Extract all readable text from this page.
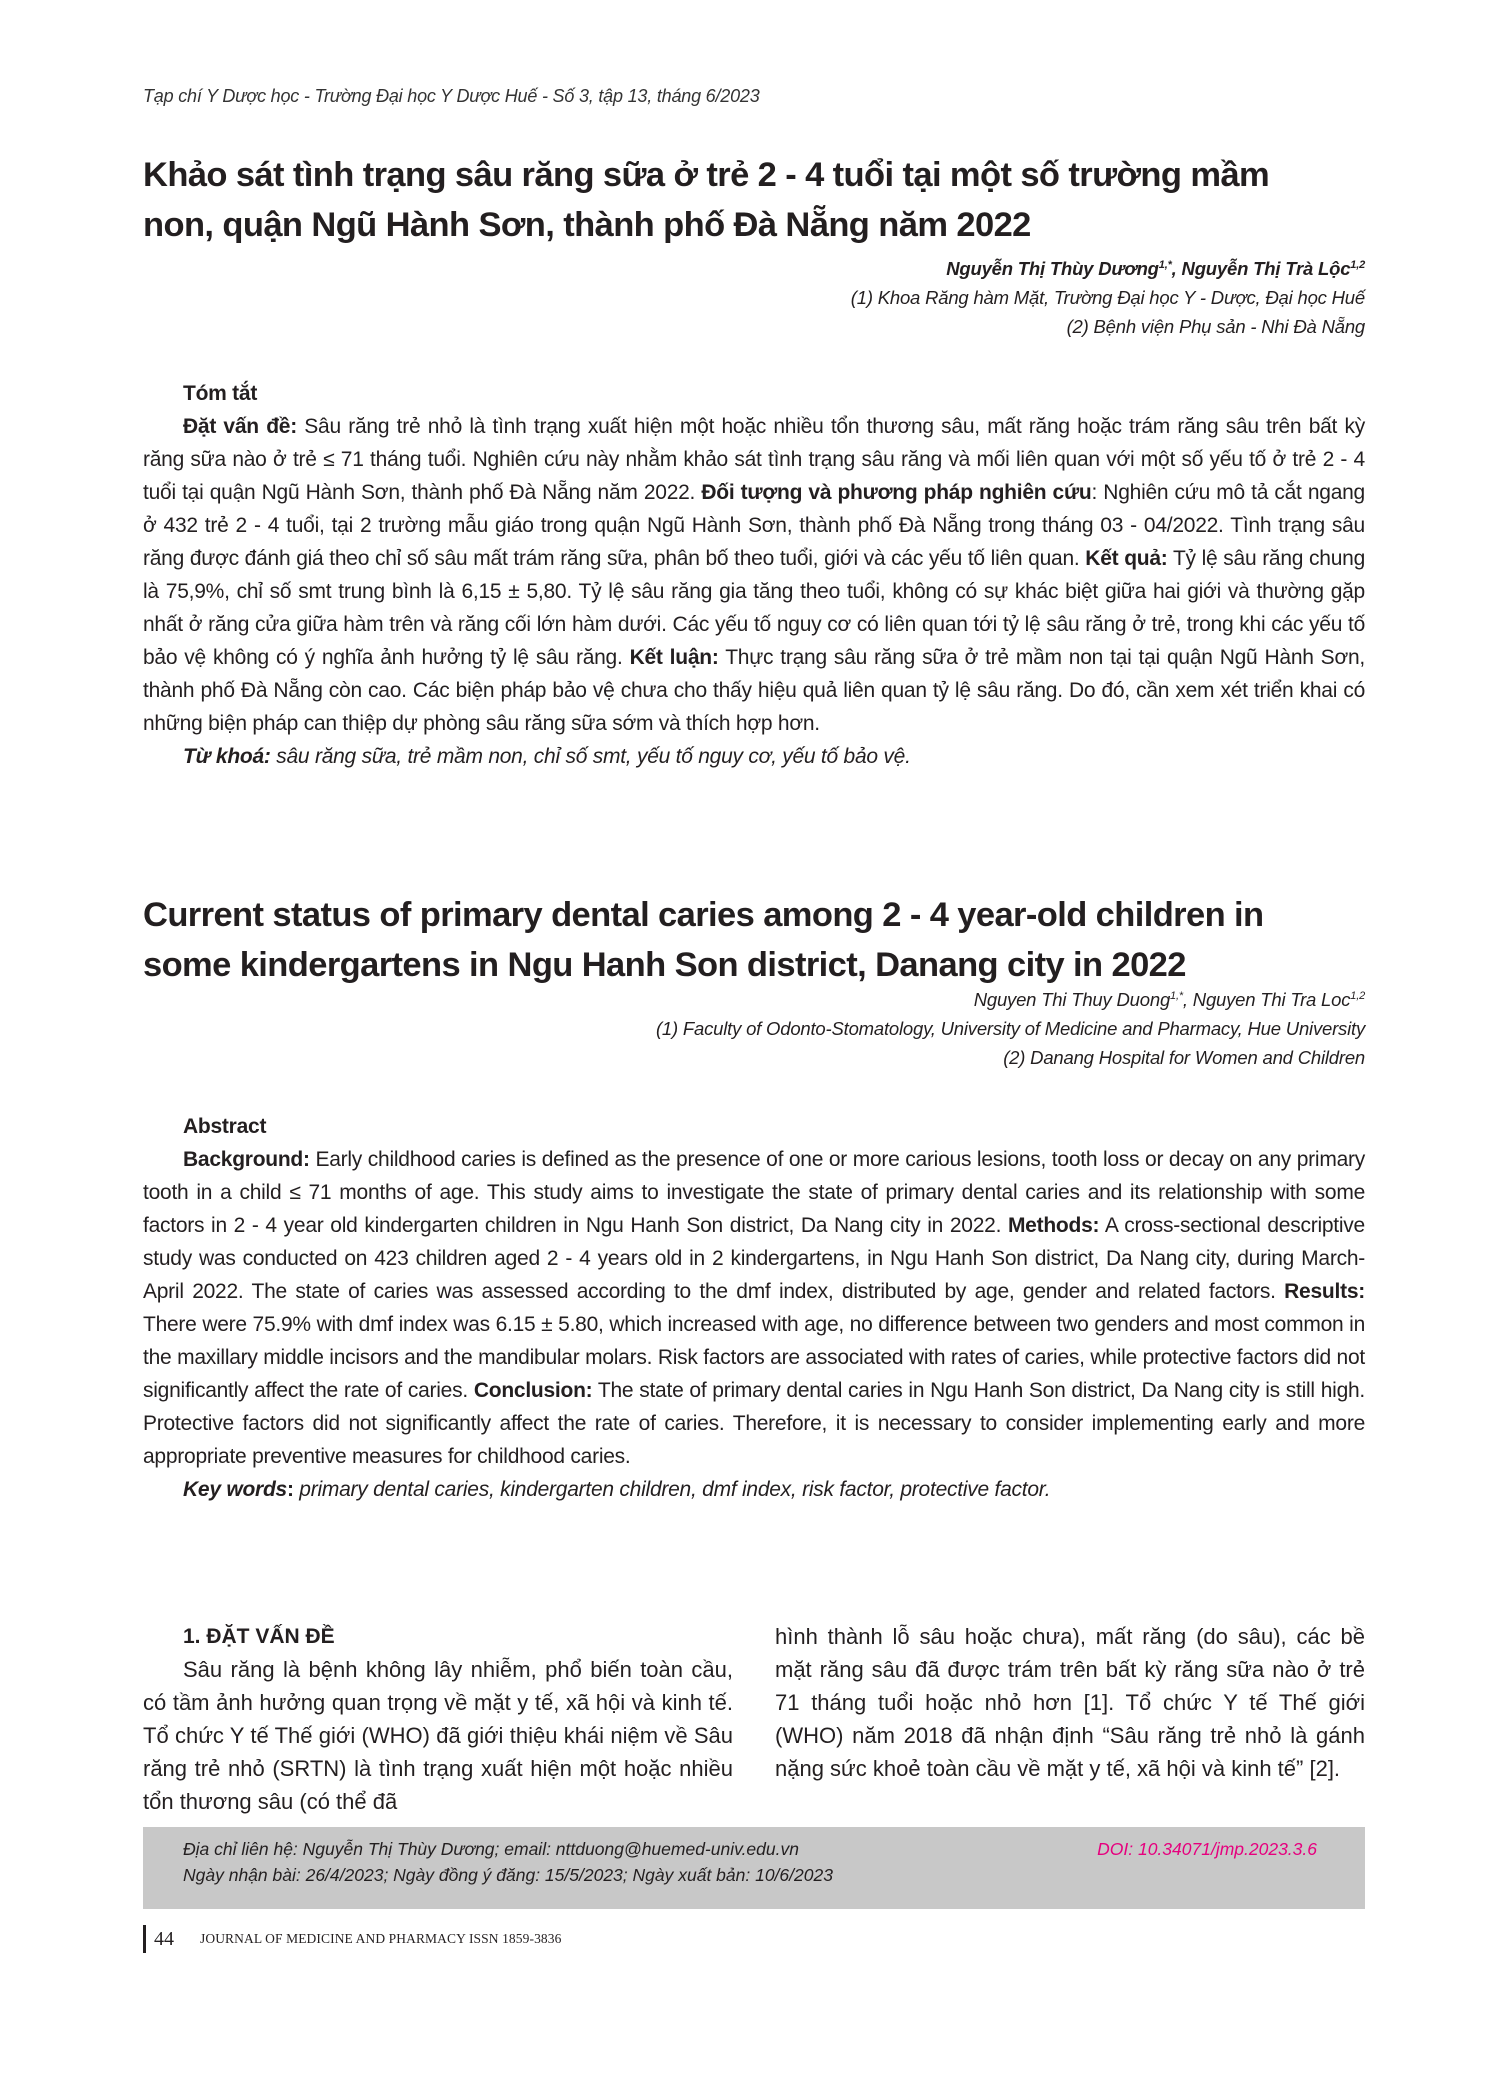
Tạp chí Y Dược học - Trường Đại học Y Dược Huế - Số 3, tập 13, tháng 6/2023
Khảo sát tình trạng sâu răng sữa ở trẻ 2 - 4 tuổi tại một số trường mầm
non, quận Ngũ Hành Sơn, thành phố Đà Nẵng năm 2022
Nguyễn Thị Thùy Dương$^{1,*}$, Nguyễn Thị Trà Lộc$^{1,2}$
(1) Khoa Răng hàm Mặt, Trường Đại học Y - Dược, Đại học Huế
(2) Bệnh viện Phụ sản - Nhi Đà Nẵng
Tóm tắt

Đặt vấn đề: Sâu răng trẻ nhỏ là tình trạng xuất hiện một hoặc nhiều tổn thương sâu, mất răng hoặc trám răng sâu trên bất kỳ răng sữa nào ở trẻ ≤ 71 tháng tuổi. Nghiên cứu này nhằm khảo sát tình trạng sâu răng và mối liên quan với một số yếu tố ở trẻ 2 - 4 tuổi tại quận Ngũ Hành Sơn, thành phố Đà Nẵng năm 2022. Đối tượng và phương pháp nghiên cứu: Nghiên cứu mô tả cắt ngang ở 432 trẻ 2 - 4 tuổi, tại 2 trường mẫu giáo trong quận Ngũ Hành Sơn, thành phố Đà Nẵng trong tháng 03 - 04/2022. Tình trạng sâu răng được đánh giá theo chỉ số sâu mất trám răng sữa, phân bố theo tuổi, giới và các yếu tố liên quan. Kết quả: Tỷ lệ sâu răng chung là 75,9%, chỉ số smt trung bình là 6,15 ± 5,80. Tỷ lệ sâu răng gia tăng theo tuổi, không có sự khác biệt giữa hai giới và thường gặp nhất ở răng cửa giữa hàm trên và răng cối lớn hàm dưới. Các yếu tố nguy cơ có liên quan tới tỷ lệ sâu răng ở trẻ, trong khi các yếu tố bảo vệ không có ý nghĩa ảnh hưởng tỷ lệ sâu răng. Kết luận: Thực trạng sâu răng sữa ở trẻ mầm non tại tại quận Ngũ Hành Sơn, thành phố Đà Nẵng còn cao. Các biện pháp bảo vệ chưa cho thấy hiệu quả liên quan tỷ lệ sâu răng. Do đó, cần xem xét triển khai có những biện pháp can thiệp dự phòng sâu răng sữa sớm và thích hợp hơn.

Từ khoá: sâu răng sữa, trẻ mầm non, chỉ số smt, yếu tố nguy cơ, yếu tố bảo vệ.

Current status of primary dental caries among 2 - 4 year-old children in
some kindergartens in Ngu Hanh Son district, Danang city in 2022
Nguyen Thi Thuy Duong$^{1,*}$, Nguyen Thi Tra Loc$^{1,2}$
(1) Faculty of Odonto-Stomatology, University of Medicine and Pharmacy, Hue University
(2) Danang Hospital for Women and Children
Abstract

Background: Early childhood caries is defined as the presence of one or more carious lesions, tooth loss or decay on any primary tooth in a child ≤ 71 months of age. This study aims to investigate the state of primary dental caries and its relationship with some factors in 2 - 4 year old kindergarten children in Ngu Hanh Son district, Da Nang city in 2022. Methods: A cross-sectional descriptive study was conducted on 423 children aged 2 - 4 years old in 2 kindergartens, in Ngu Hanh Son district, Da Nang city, during March-April 2022. The state of caries was assessed according to the dmf index, distributed by age, gender and related factors. Results: There were 75.9% with dmf index was 6.15 ± 5.80, which increased with age, no difference between two genders and most common in the maxillary middle incisors and the mandibular molars. Risk factors are associated with rates of caries, while protective factors did not significantly affect the rate of caries. Conclusion: The state of primary dental caries in Ngu Hanh Son district, Da Nang city is still high. Protective factors did not significantly affect the rate of caries. Therefore, it is necessary to consider implementing early and more appropriate preventive measures for childhood caries.

Key words: primary dental caries, kindergarten children, dmf index, risk factor, protective factor.

1. ĐẶT VẤN ĐỀ

Sâu răng là bệnh không lây nhiễm, phổ biến toàn cầu, có tầm ảnh hưởng quan trọng về mặt y tế, xã hội và kinh tế. Tổ chức Y tế Thế giới (WHO) đã giới thiệu khái niệm về Sâu răng trẻ nhỏ (SRTN) là tình trạng xuất hiện một hoặc nhiều tổn thương sâu (có thể đã

hình thành lỗ sâu hoặc chưa), mất răng (do sâu), các bề mặt răng sâu đã được trám trên bất kỳ răng sữa nào ở trẻ 71 tháng tuổi hoặc nhỏ hơn [1]. Tổ chức Y tế Thế giới (WHO) năm 2018 đã nhận định “Sâu răng trẻ nhỏ là gánh nặng sức khoẻ toàn cầu về mặt y tế, xã hội và kinh tế” [2].

Địa chỉ liên hệ: Nguyễn Thị Thùy Dương; email: nttduong@huemed-univ.edu.vn
Ngày nhận bài: 26/4/2023; Ngày đồng ý đăng: 15/5/2023; Ngày xuất bản: 10/6/2023
DOI: 10.34071/jmp.2023.3.6
44 JOURNAL OF MEDICINE AND PHARMACY ISSN 1859-3836
